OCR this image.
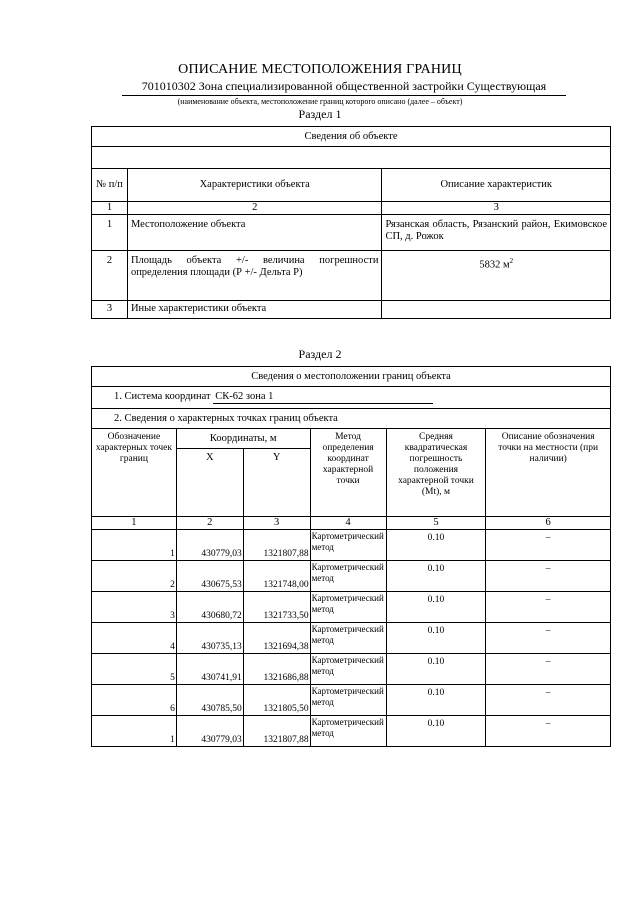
ОПИСАНИЕ МЕСТОПОЛОЖЕНИЯ ГРАНИЦ
701010302 Зона специализированной общественной застройки Существующая
(наименование объекта, местоположение границ которого описано (далее – объект)
Раздел 1
Сведения об объекте		

№ п/п	Характеристики объекта	Описание характеристик
1	2	3
1	Местоположение объекта	Рязанская область, Рязанский район, Екимовское СП, д. Рожок
2	Площадь объекта +/- величина погрешности определения площади (Р +/- Дельта Р)	5832 $м^2$
3	Иные характеристики объекта	
Раздел 2
Сведения о местоположении границ объекта					
1. Система координат СК-62 зона 1					
2. Сведения о характерных точках границ объекта					
Обозначение характерных точек границ	Координаты, м		Метод определения координат характерной точки	Средняя квадратическая погрешность положения характерной точки (Mt), м	Описание обозначения точки на местности (при наличии)
	X	Y			
1	2	3	4	5	6
1	430779,03	1321807,88	Картометрический метод	0.10	–
2	430675,53	1321748,00	Картометрический метод	0.10	–
3	430680,72	1321733,50	Картометрический метод	0.10	–
4	430735,13	1321694,38	Картометрический метод	0.10	–
5	430741,91	1321686,88	Картометрический метод	0.10	–
6	430785,50	1321805,50	Картометрический метод	0.10	–
1	430779,03	1321807,88	Картометрический метод	0.10	–
